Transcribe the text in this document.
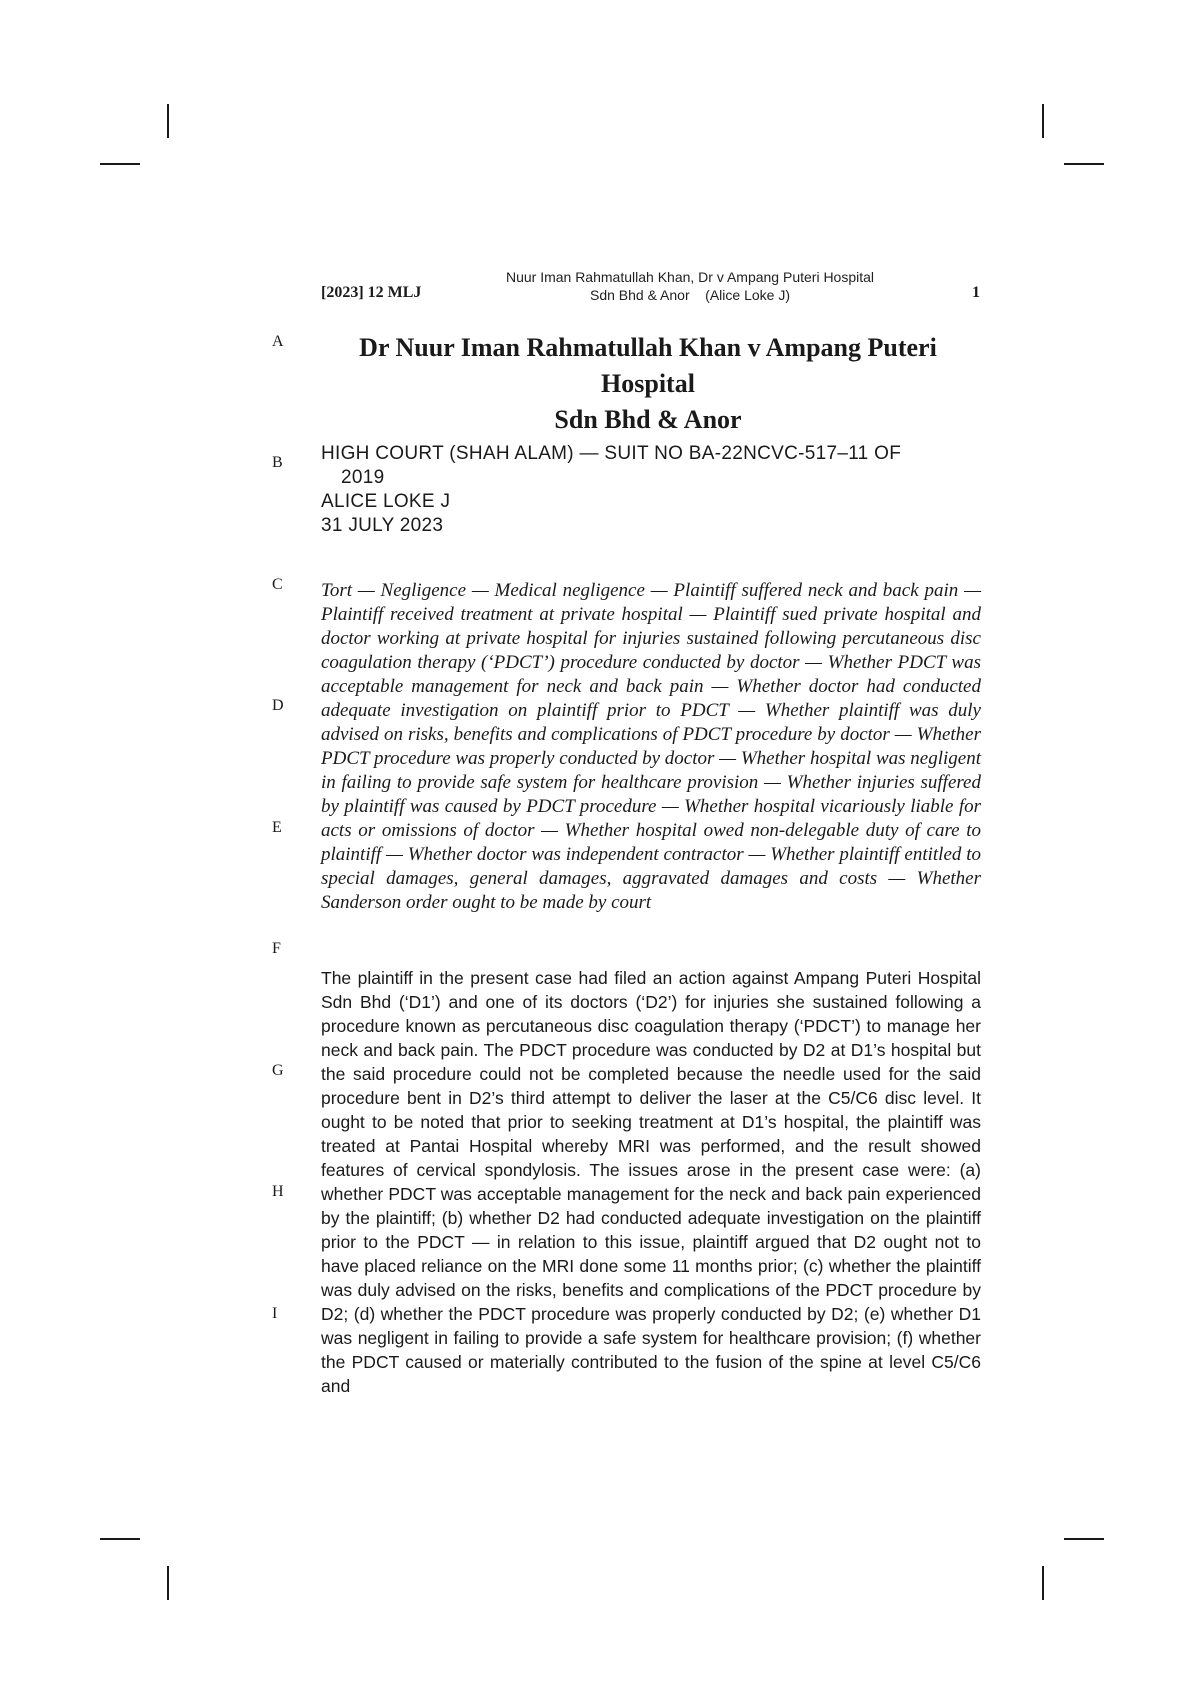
[2023] 12 MLJ
Nuur Iman Rahmatullah Khan, Dr v Ampang Puteri Hospital
Sdn Bhd & Anor    (Alice Loke J)	1
A
B
C
D
E
F
G
H
I
Dr Nuur Iman Rahmatullah Khan v Ampang Puteri Hospital
Sdn Bhd & Anor
HIGH COURT (SHAH ALAM) — SUIT NO BA-22NCVC-517–11 OF
2019
ALICE LOKE J
31 JULY 2023
Tort — Negligence — Medical negligence — Plaintiff suffered neck and back pain — Plaintiff received treatment at private hospital — Plaintiff sued private hospital and doctor working at private hospital for injuries sustained following percutaneous disc coagulation therapy (‘PDCT’) procedure conducted by doctor — Whether PDCT was acceptable management for neck and back pain — Whether doctor had conducted adequate investigation on plaintiff prior to PDCT — Whether plaintiff was duly advised on risks, benefits and complications of PDCT procedure by doctor — Whether PDCT procedure was properly conducted by doctor — Whether hospital was negligent in failing to provide safe system for healthcare provision — Whether injuries suffered by plaintiff was caused by PDCT procedure — Whether hospital vicariously liable for acts or omissions of doctor — Whether hospital owed non-delegable duty of care to plaintiff — Whether doctor was independent contractor — Whether plaintiff entitled to special damages, general damages, aggravated damages and costs — Whether Sanderson order ought to be made by court
The plaintiff in the present case had filed an action against Ampang Puteri Hospital Sdn Bhd (‘D1’) and one of its doctors (‘D2’) for injuries she sustained following a procedure known as percutaneous disc coagulation therapy (‘PDCT’) to manage her neck and back pain. The PDCT procedure was conducted by D2 at D1’s hospital but the said procedure could not be completed because the needle used for the said procedure bent in D2’s third attempt to deliver the laser at the C5/C6 disc level. It ought to be noted that prior to seeking treatment at D1’s hospital, the plaintiff was treated at Pantai Hospital whereby MRI was performed, and the result showed features of cervical spondylosis. The issues arose in the present case were: (a) whether PDCT was acceptable management for the neck and back pain experienced by the plaintiff; (b) whether D2 had conducted adequate investigation on the plaintiff prior to the PDCT — in relation to this issue, plaintiff argued that D2 ought not to have placed reliance on the MRI done some 11 months prior; (c) whether the plaintiff was duly advised on the risks, benefits and complications of the PDCT procedure by D2; (d) whether the PDCT procedure was properly conducted by D2; (e) whether D1 was negligent in failing to provide a safe system for healthcare provision; (f) whether the PDCT caused or materially contributed to the fusion of the spine at level C5/C6 and
